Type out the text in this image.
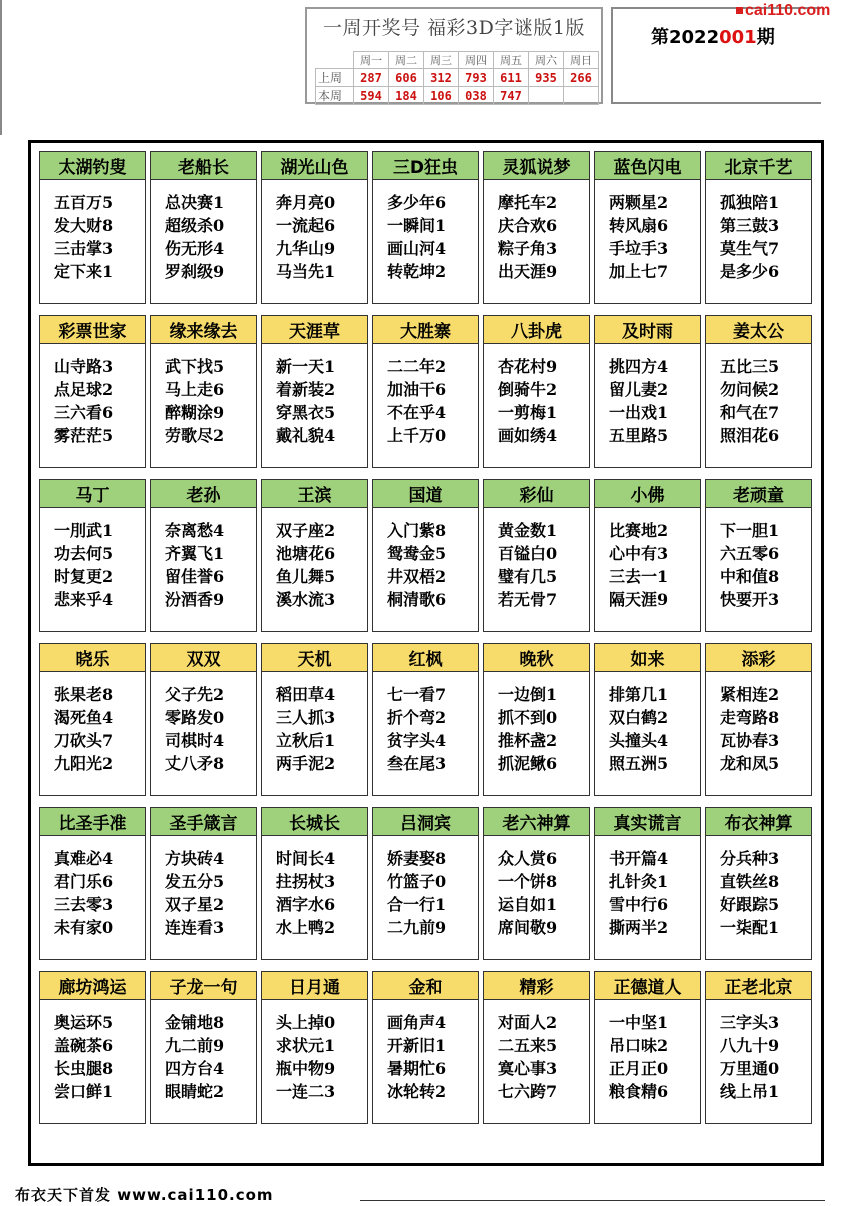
一周开奖号 福彩3D字谜版1版
	周一	周二	周三	周四	周五	周六	周日
上周	287	606	312	793	611	935	266
本周	594	184	106	038	747		
第2022001期
cai110.com
太湖钓叟
五百万5
发大财8
三击掌3
定下来1
老船长
总决赛1
超级杀0
伤无形4
罗刹级9
湖光山色
奔月亮0
一流起6
九华山9
马当先1
三D狂虫
多少年6
一瞬间1
画山河4
转乾坤2
灵狐说梦
摩托车2
庆合欢6
粽子角3
出天涯9
蓝色闪电
两颗星2
转风扇6
手垃手3
加上七7
北京千艺
孤独陪1
第三鼓3
莫生气7
是多少6
彩票世家
山寺路3
点足球2
三六看6
雾茫茫5
缘来缘去
武下找5
马上走6
醉糊涂9
劳歌尽2
天涯草
新一天1
着新装2
穿黑衣5
戴礼貌4
大胜寨
二二年2
加油干6
不在乎4
上千万0
八卦虎
杏花村9
倒骑牛2
一剪梅1
画如绣4
及时雨
挑四方4
留儿妻2
一出戏1
五里路5
姜太公
五比三5
勿问候2
和气在7
照泪花6
马丁
一刖武1
功去何5
时复更2
悲来乎4
老孙
奈离愁4
齐翼飞1
留佳誉6
汾酒香9
王滨
双子座2
池塘花6
鱼儿舞5
溪水流3
国道
入门紫8
鸳鸯金5
井双梧2
桐清歌6
彩仙
黄金数1
百镒白0
璧有几5
若无骨7
小佛
比赛地2
心中有3
三去一1
隔天涯9
老顽童
下一胆1
六五零6
中和值8
快要开3
晓乐
张果老8
渴死鱼4
刀砍头7
九阳光2
双双
父子先2
零路发0
司棋时4
丈八矛8
天机
稻田草4
三人抓3
立秋后1
两手泥2
红枫
七一看7
折个弯2
贫字头4
叁在尾3
晚秋
一边倒1
抓不到0
推杯盏2
抓泥鳅6
如来
排第几1
双白鹤2
头撞头4
照五洲5
添彩
紧相连2
走弯路8
瓦协春3
龙和凤5
比圣手准
真难必4
君门乐6
三去零3
未有家0
圣手箴言
方块砖4
发五分5
双子星2
连连看3
长城长
时间长4
拄拐杖3
酒字水6
水上鸭2
吕洞宾
娇妻娶8
竹篮子0
合一行1
二九前9
老六神算
众人赏6
一个饼8
运自如1
席间敬9
真实谎言
书开篇4
扎针灸1
雪中行6
撕两半2
布衣神算
分兵种3
直铁丝8
好跟踪5
一柒配1
廊坊鸿运
奥运环5
盖碗茶6
长虫腿8
尝口鲜1
子龙一句
金铺地8
九二前9
四方台4
眼睛蛇2
日月通
头上掉0
求状元1
瓶中物9
一连二3
金和
画角声4
开新旧1
暑期忙6
冰轮转2
精彩
对面人2
二五来5
寞心事3
七六跨7
正德道人
一中坚1
吊口味2
正月正0
粮食精6
正老北京
三字头3
八九十9
万里通0
线上吊1
布衣天下首发 www.cai110.com
